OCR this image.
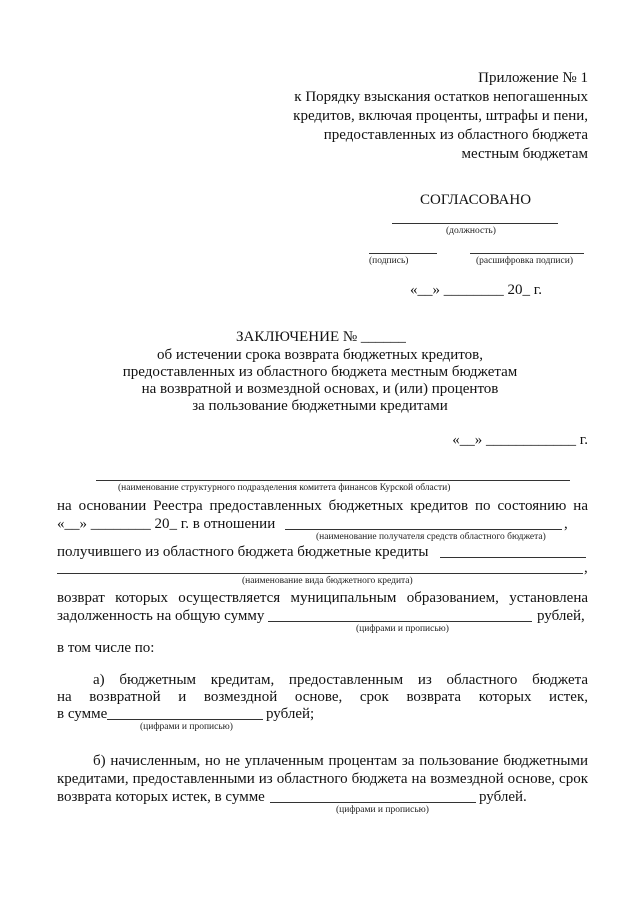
Приложение № 1
к Порядку взыскания остатков непогашенных
кредитов, включая проценты, штрафы и пени,
предоставленных из областного бюджета
местным бюджетам
СОГЛАСОВАНО
(должность)
(подпись)	(расшифровка подписи)
«__» ________ 20_ г.
ЗАКЛЮЧЕНИЕ № ______
об истечении срока возврата бюджетных кредитов,
предоставленных из областного бюджета местным бюджетам
на возвратной и возмездной основах, и (или) процентов
за пользование бюджетными кредитами
«__» ____________ г.
(наименование структурного подразделения комитета финансов Курской области)
на основании Реестра предоставленных бюджетных кредитов по состоянию на
«__» ________ 20_ г. в отношении	,
(наименование получателя средств областного бюджета)
получившего из областного бюджета бюджетные кредиты
,
(наименование вида бюджетного кредита)
возврат которых осуществляется муниципальным образованием, установлена
задолженность на общую сумму	рублей,
(цифрами и прописью)
в том числе по:
а) бюджетным кредитам, предоставленным из областного бюджета
на возвратной и возмездной основе, срок возврата которых истек,
в сумме	рублей;
(цифрами и прописью)
б) начисленным, но не уплаченным процентам за пользование бюджетными
кредитами, предоставленными из областного бюджета на возмездной основе, срок
возврата которых истек, в сумме	рублей.
(цифрами и прописью)
